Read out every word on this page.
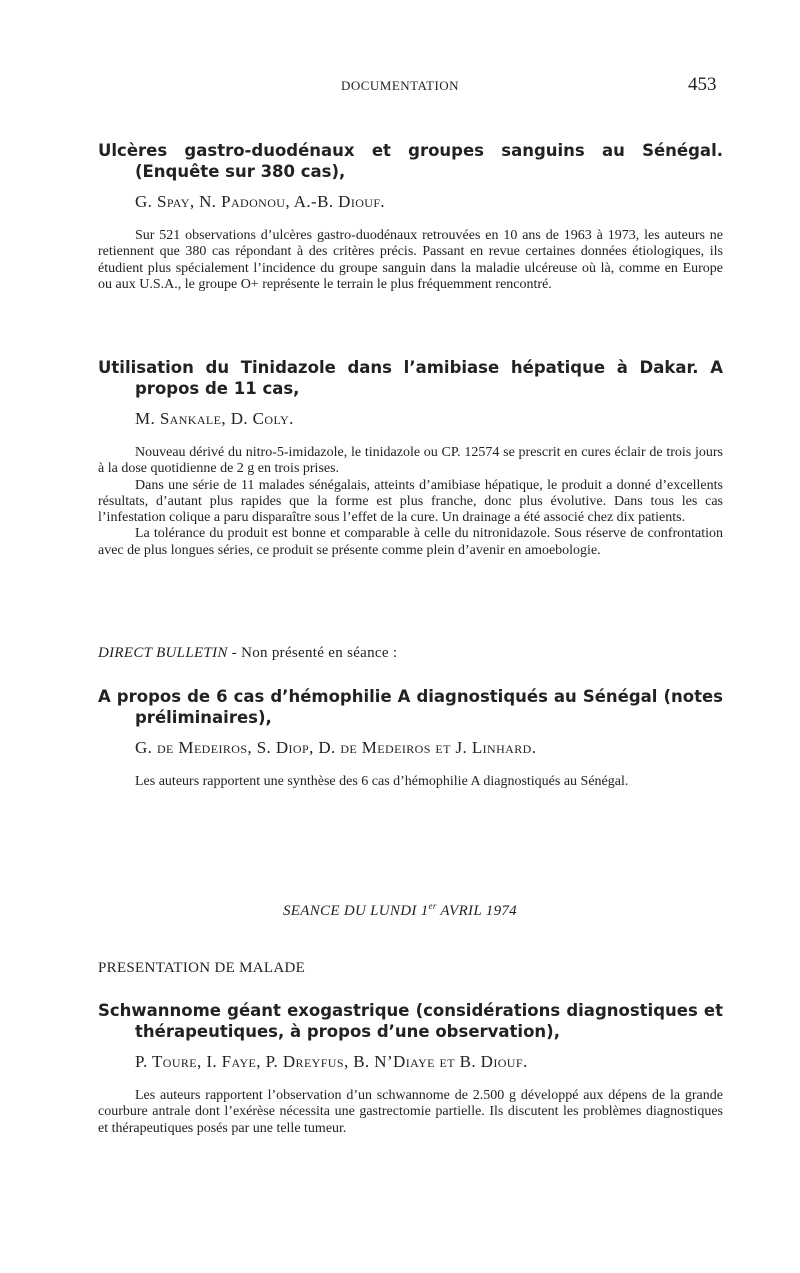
DOCUMENTATION	453
Ulcères gastro-duodénaux et groupes sanguins au Sénégal. (Enquête sur 380 cas),
G. Spay, N. Padonou, A.-B. Diouf.

Sur 521 observations d’ulcères gastro-duodénaux retrouvées en 10 ans de 1963 à 1973, les auteurs ne retiennent que 380 cas répondant à des critères précis. Passant en revue certaines données étiologiques, ils étudient plus spécialement l’incidence du groupe sanguin dans la maladie ulcéreuse où là, comme en Europe ou aux U.S.A., le groupe O+ représente le terrain le plus fréquemment rencontré.

Utilisation du Tinidazole dans l’amibiase hépatique à Dakar. A propos de 11 cas,
M. Sankale, D. Coly.

Nouveau dérivé du nitro-5-imidazole, le tinidazole ou CP. 12574 se prescrit en cures éclair de trois jours à la dose quotidienne de 2 g en trois prises.

Dans une série de 11 malades sénégalais, atteints d’amibiase hépatique, le produit a donné d’excellents résultats, d’autant plus rapides que la forme est plus franche, donc plus évolutive. Dans tous les cas l’infestation colique a paru disparaître sous l’effet de la cure. Un drainage a été associé chez dix patients.

La tolérance du produit est bonne et comparable à celle du nitronidazole. Sous réserve de confrontation avec de plus longues séries, ce produit se présente comme plein d’avenir en amoebologie.

DIRECT BULLETIN - Non présenté en séance :
A propos de 6 cas d’hémophilie A diagnostiqués au Sénégal (notes préliminaires),
G. de Medeiros, S. Diop, D. de Medeiros et J. Linhard.

Les auteurs rapportent une synthèse des 6 cas d’hémophilie A diagnostiqués au Sénégal.

SEANCE DU LUNDI 1er AVRIL 1974
PRESENTATION DE MALADE
Schwannome géant exogastrique (considérations diagnostiques et thérapeutiques, à propos d’une observation),
P. Toure, I. Faye, P. Dreyfus, B. N’Diaye et B. Diouf.

Les auteurs rapportent l’observation d’un schwannome de 2.500 g développé aux dépens de la grande courbure antrale dont l’exérèse nécessita une gastrectomie partielle. Ils discutent les problèmes diagnostiques et thérapeutiques posés par une telle tumeur.
